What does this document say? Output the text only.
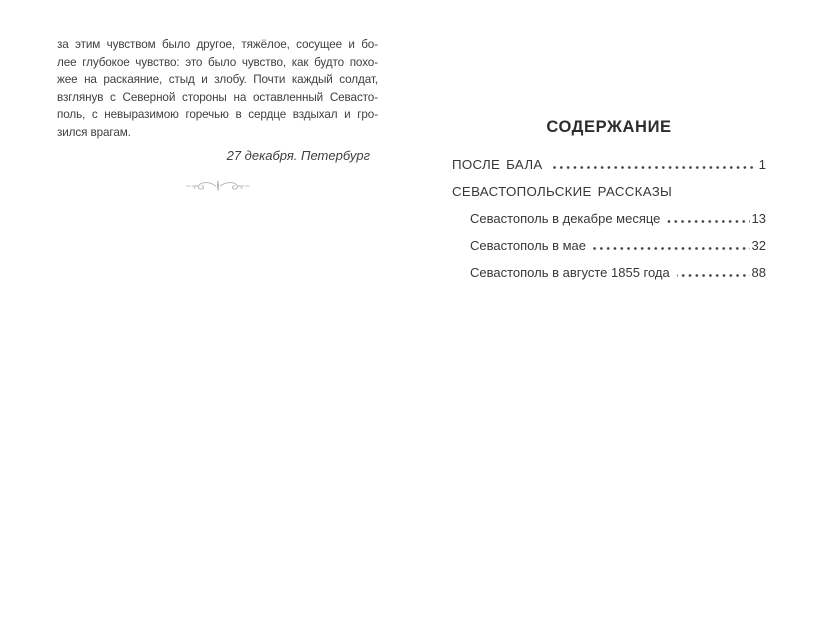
за этим чувством было другое, тяжёлое, сосущее и бо-
лее глубокое чувство: это было чувство, как будто похо-
жее на раскаяние, стыд и злобу. Почти каждый солдат,
взглянув с Северной стороны на оставленный Севасто-
поль, с невыразимою горечью в сердце вздыхал и гро-
зился врагам.
27 декабря. Петербург
СОДЕРЖАНИЕ
ПОСЛЕ БАЛА	1
СЕВАСТОПОЛЬСКИЕ РАССКАЗЫ
Севастополь в декабре месяце	13
Севастополь в мае	32
Севастополь в августе 1855 года	88
